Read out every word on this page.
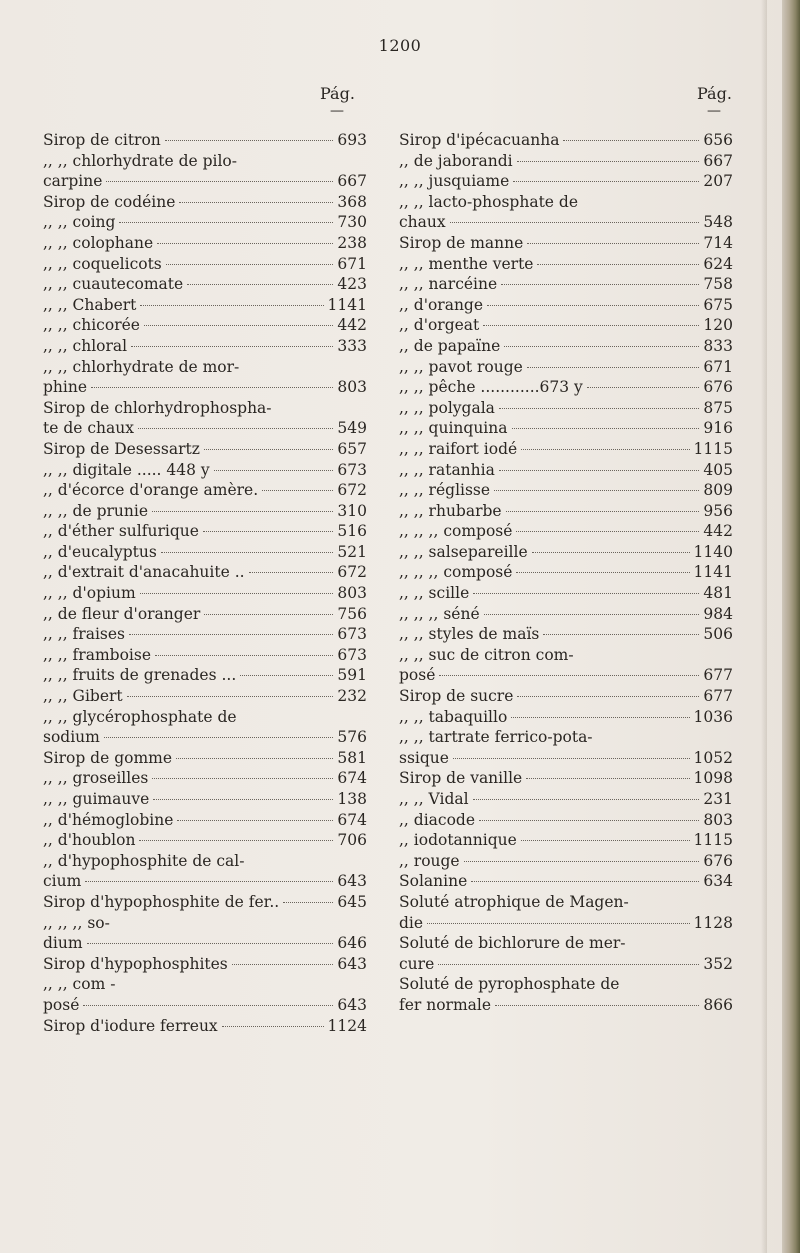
1200
Pág.
—
Pág.
—
Sirop de citron	693
,, ,, chlorhydrate de pilo-
carpine	667
Sirop de codéine	368
,, ,, coing	730
,, ,, colophane	238
,, ,, coquelicots	671
,, ,, cuautecomate	423
,, ,, Chabert	1141
,, ,, chicorée	442
,, ,, chloral	333
,, ,, chlorhydrate de mor-
phine	803
Sirop de chlorhydrophospha-
te de chaux	549
Sirop de Desessartz	657
,, ,, digitale ..... 448 y	673
,, d'écorce d'orange amère.	672
,, ,, de prunie	310
,, d'éther sulfurique	516
,, d'eucalyptus	521
,, d'extrait d'anacahuite ..	672
,, ,, d'opium	803
,, de fleur d'oranger	756
,, ,, fraises	673
,, ,, framboise	673
,, ,, fruits de grenades ...	591
,, ,, Gibert	232
,, ,, glycérophosphate de
sodium	576
Sirop de gomme	581
,, ,, groseilles	674
,, ,, guimauve	138
,, d'hémoglobine	674
,, d'houblon	706
,, d'hypophosphite de cal-
cium	643
Sirop d'hypophosphite de fer..	645
,, ,, ,, so-
dium	646
Sirop d'hypophosphites	643
,, ,, com -
posé	643
Sirop d'iodure ferreux	1124
Sirop d'ipécacuanha	656
,, de jaborandi	667
,, ,, jusquiame	207
,, ,, lacto-phosphate de
chaux	548
Sirop de manne	714
,, ,, menthe verte	624
,, ,, narcéine	758
,, d'orange	675
,, d'orgeat	120
,, de papaïne	833
,, ,, pavot rouge	671
,, ,, pêche ............673 y	676
,, ,, polygala	875
,, ,, quinquina	916
,, ,, raifort iodé	1115
,, ,, ratanhia	405
,, ,, réglisse	809
,, ,, rhubarbe	956
,, ,, ,, composé	442
,, ,, salsepareille	1140
,, ,, ,, composé	1141
,, ,, scille	481
,, ,, ,, séné	984
,, ,, styles de maïs	506
,, ,, suc de citron com-
posé	677
Sirop de sucre	677
,, ,, tabaquillo	1036
,, ,, tartrate ferrico-pota-
ssique	1052
Sirop de vanille	1098
,, ,, Vidal	231
,, diacode	803
,, iodotannique	1115
,, rouge	676
Solanine	634
Soluté atrophique de Magen-
die	1128
Soluté de bichlorure de mer-
cure	352
Soluté de pyrophosphate de
fer normale	866
